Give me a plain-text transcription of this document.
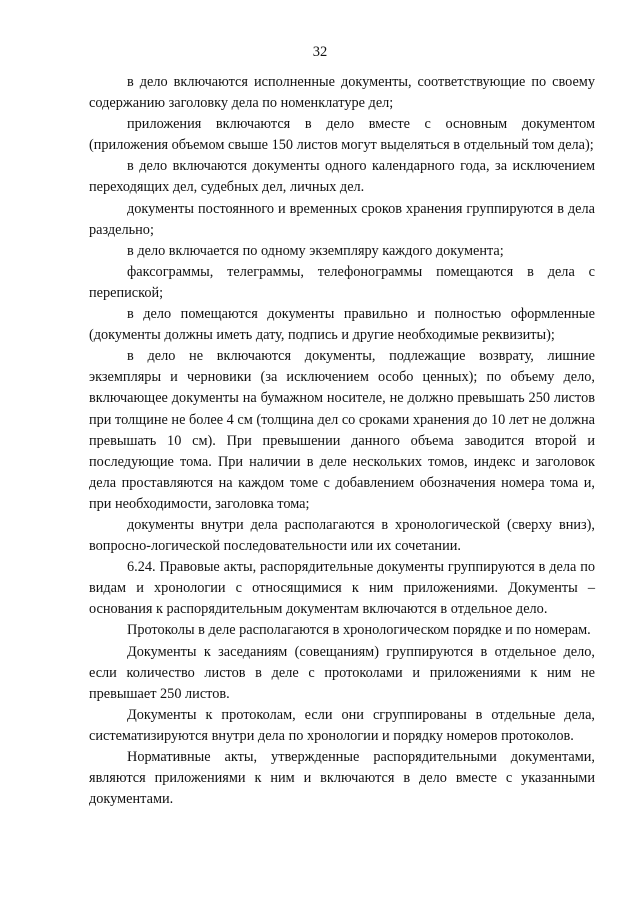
32

в дело включаются исполненные документы, соответствующие по своему содержанию заголовку дела по номенклатуре дел;

приложения включаются в дело вместе с основным документом (приложения объемом свыше 150 листов могут выделяться в отдельный том дела);

в дело включаются документы одного календарного года, за исключением переходящих дел, судебных дел, личных дел.

документы постоянного и временных сроков хранения группируются в дела раздельно;

в дело включается по одному экземпляру каждого документа;

факсограммы, телеграммы, телефонограммы помещаются в дела с перепиской;

в дело помещаются документы правильно и полностью оформленные (документы должны иметь дату, подпись и другие необходимые реквизиты);

в дело не включаются документы, подлежащие возврату, лишние экземпляры и черновики (за исключением особо ценных); по объему дело, включающее документы на бумажном носителе, не должно превышать 250 листов при толщине не более 4 см (толщина дел со сроками хранения до 10 лет не должна превышать 10 см). При превышении данного объема заводится второй и последующие тома. При наличии в деле нескольких томов, индекс и заголовок дела проставляются на каждом томе с добавлением обозначения номера тома и, при необходимости, заголовка тома;

документы внутри дела располагаются в хронологической (сверху вниз), вопросно-логической последовательности или их сочетании.

6.24. Правовые акты, распорядительные документы группируются в дела по видам и хронологии с относящимися к ним приложениями. Документы – основания к распорядительным документам включаются в отдельное дело.

Протоколы в деле располагаются в хронологическом порядке и по номерам.

Документы к заседаниям (совещаниям) группируются в отдельное дело, если количество листов в деле с протоколами и приложениями к ним не превышает 250 листов.

Документы к протоколам, если они сгруппированы в отдельные дела, систематизируются внутри дела по хронологии и порядку номеров протоколов.

Нормативные акты, утвержденные распорядительными документами, являются приложениями к ним и включаются в дело вместе с указанными документами.
